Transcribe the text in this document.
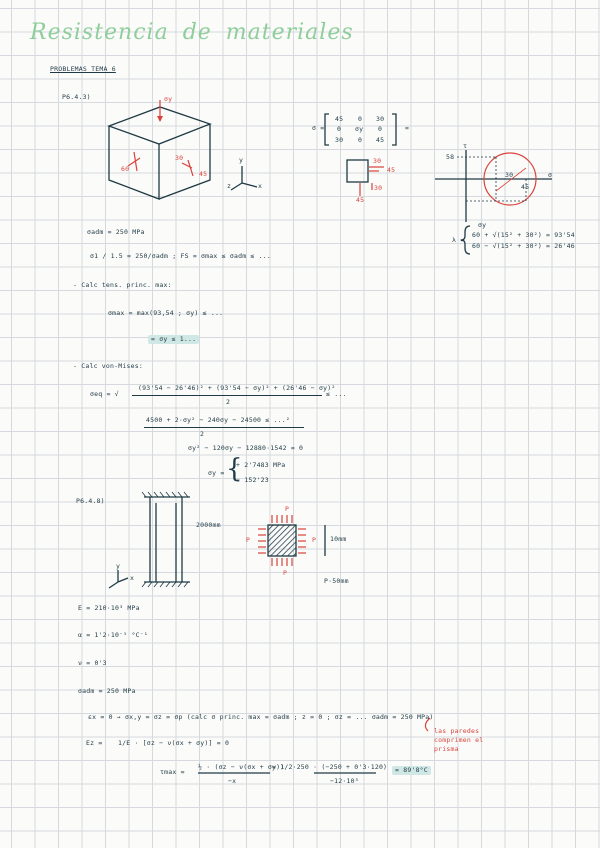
Resistencia de materiales
PROBLEMAS TEMA 6
P6.4.3)	σy
60
30
45
y
x
z
σ =
45 0 30
0 σy 0
30 0 45
=
30
45
30
45
τ
σ
58
30
45
λ =
σy
60 + √(15² + 30²) = 93'54
60 − √(15² + 30²) = 26'46
σadm = 250 MPa
σ1 / 1.5 = 250/σadm ; FS = σmax ≤ σadm ≤ ...
- Calc tens. princ. max:
σmax = max(93,54 ; σy) ≤ ...
= σy ≤ 1...
- Calc von-Mises:
σeq = √
(93'54 − 26'46)² + (93'54 − σy)² + (26'46 − σy)²
2
≤ ...
4500 + 2·σy² − 240σy − 24500 ≤ ...²
2
σy² − 120σy − 12880·1542 = 0
σy = {
+ 2'7483 MPa
− 152'23
P6.4.8)
2000mm
P
P	P
P
10mm
P·50mm
y
x
E = 210·10³ MPa
α = 1'2·10⁻⁵ °C⁻¹
ν = 0'3
σadm = 250 MPa
εx = 0 → σx,y = σz = σp (calc σ princ. max = σadm ; z = 0 ; σz = ... σadm = 250 MPa)
Ez = 1/E · [σz − ν(σx + σy)] = 0
las paredes
comprimen el
prisma
τmax =
½ · (σz − ν(σx + σy))
−x
= 1/2·250 · (−250 + 0'3·120)
−12·10³
= 89'8°C
